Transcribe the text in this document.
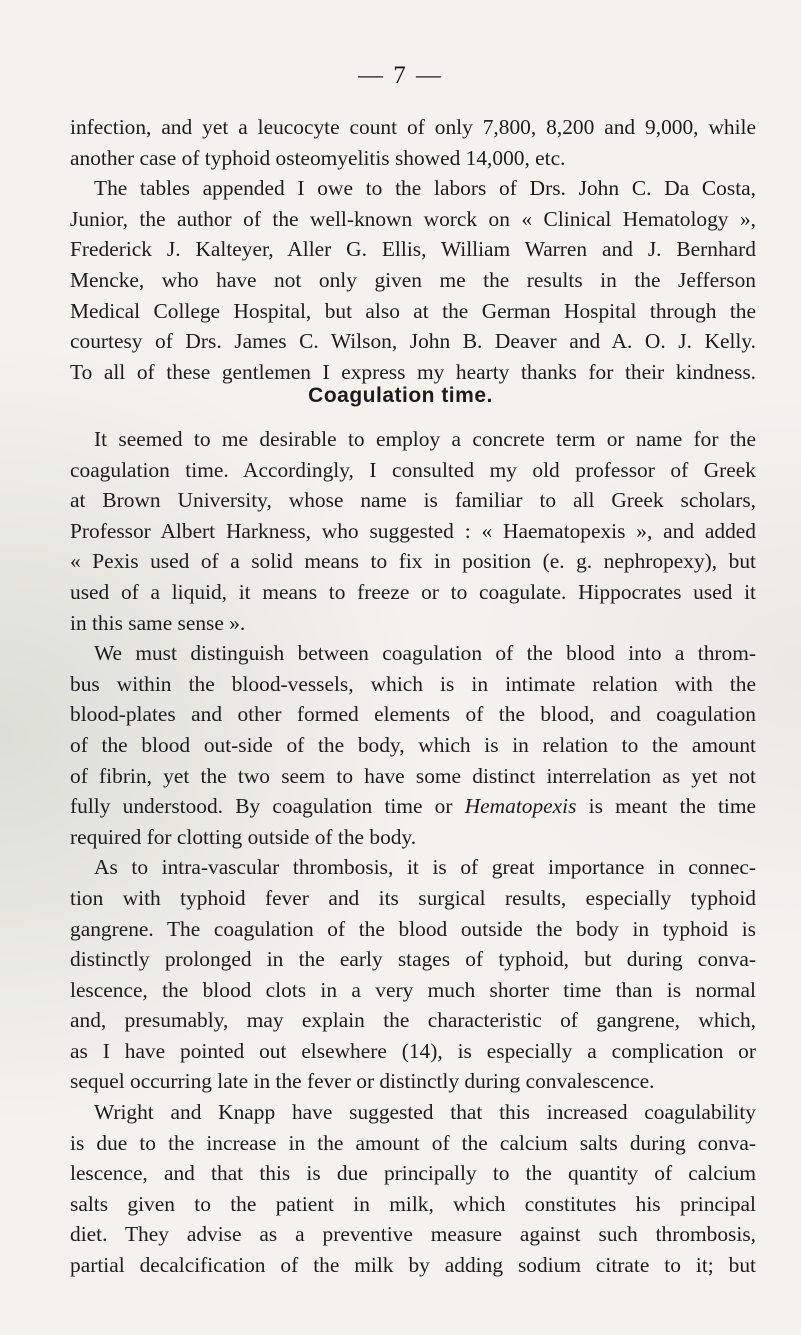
— 7 —
infection, and yet a leucocyte count of only 7,800, 8,200 and 9,000, while
another case of typhoid osteomyelitis showed 14,000, etc.
The tables appended I owe to the labors of Drs. John C. Da Costa,
Junior, the author of the well-known worck on « Clinical Hematology »,
Frederick J. Kalteyer, Aller G. Ellis, William Warren and J. Bernhard
Mencke, who have not only given me the results in the Jefferson
Medical College Hospital, but also at the German Hospital through the
courtesy of Drs. James C. Wilson, John B. Deaver and A. O. J. Kelly.
To all of these gentlemen I express my hearty thanks for their kindness.
Coagulation time.
It seemed to me desirable to employ a concrete term or name for the
coagulation time. Accordingly, I consulted my old professor of Greek
at Brown University, whose name is familiar to all Greek scholars,
Professor Albert Harkness, who suggested : « Haematopexis », and added
« Pexis used of a solid means to fix in position (e. g. nephropexy), but
used of a liquid, it means to freeze or to coagulate. Hippocrates used it
in this same sense ».
We must distinguish between coagulation of the blood into a throm-
bus within the blood-vessels, which is in intimate relation with the
blood-plates and other formed elements of the blood, and coagulation
of the blood out-side of the body, which is in relation to the amount
of fibrin, yet the two seem to have some distinct interrelation as yet not
fully understood. By coagulation time or Hematopexis is meant the time
required for clotting outside of the body.
As to intra-vascular thrombosis, it is of great importance in connec-
tion with typhoid fever and its surgical results, especially typhoid
gangrene. The coagulation of the blood outside the body in typhoid is
distinctly prolonged in the early stages of typhoid, but during conva-
lescence, the blood clots in a very much shorter time than is normal
and, presumably, may explain the characteristic of gangrene, which,
as I have pointed out elsewhere (14), is especially a complication or
sequel occurring late in the fever or distinctly during convalescence.
Wright and Knapp have suggested that this increased coagulability
is due to the increase in the amount of the calcium salts during conva-
lescence, and that this is due principally to the quantity of calcium
salts given to the patient in milk, which constitutes his principal
diet. They advise as a preventive measure against such thrombosis,
partial decalcification of the milk by adding sodium citrate to it; but
